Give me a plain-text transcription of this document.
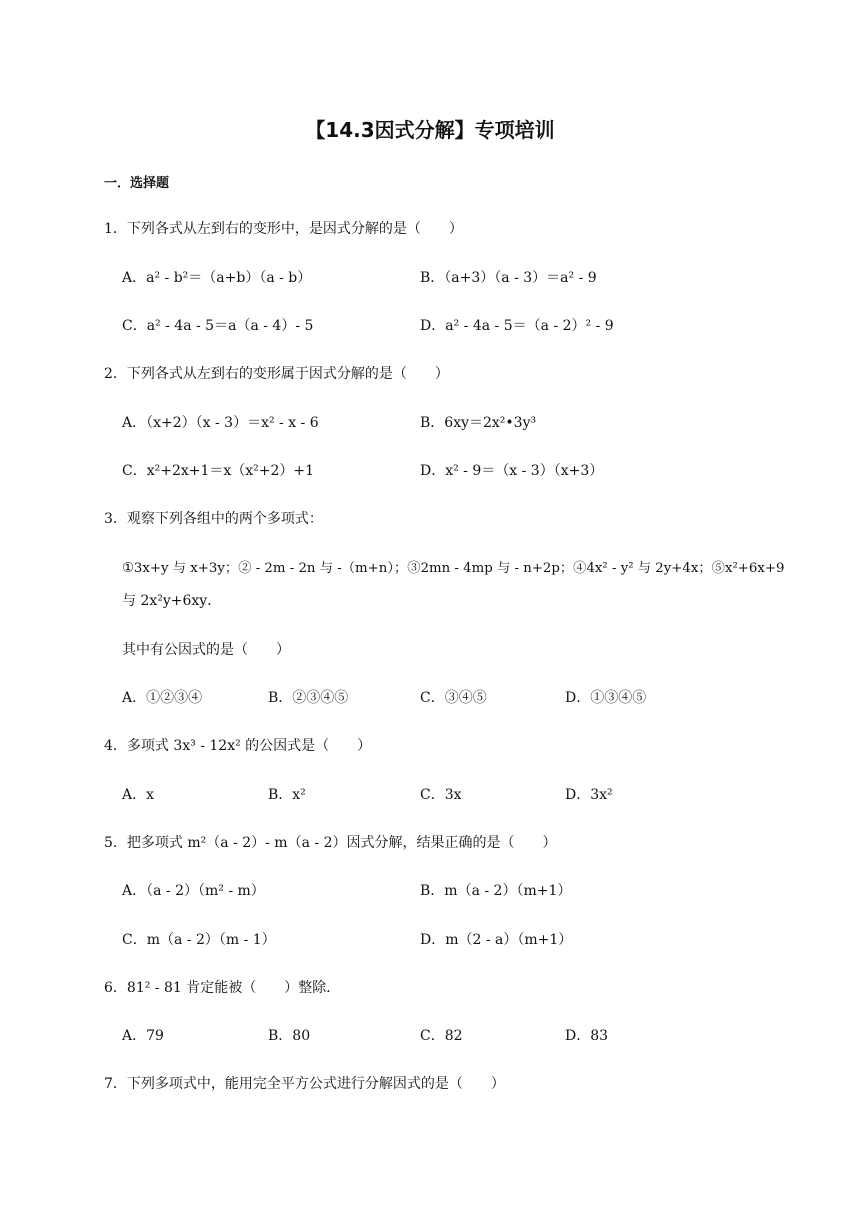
【14.3因式分解】专项培训
一．选择题
1．下列各式从左到右的变形中，是因式分解的是（　　）
A．a² - b²＝（a+b）（a - b）	B．（a+3）（a - 3）＝a² - 9
C．a² - 4a - 5＝a（a - 4）- 5	D．a² - 4a - 5＝（a - 2）² - 9
2．下列各式从左到右的变形属于因式分解的是（　　）
A．（x+2）（x - 3）＝x² - x - 6	B．6xy＝2x²•3y³
C．x²+2x+1＝x（x²+2）+1	D．x² - 9＝（x - 3）（x+3）
3．观察下列各组中的两个多项式：
①3x+y 与 x+3y；② - 2m - 2n 与 -（m+n）；③2mn - 4mp 与 - n+2p；④4x² - y² 与 2y+4x；⑤x²+6x+9
与 2x²y+6xy．
其中有公因式的是（　　）
A．①②③④	B．②③④⑤	C．③④⑤	D．①③④⑤
4．多项式 3x³ - 12x² 的公因式是（　　）
A．x	B．x²	C．3x	D．3x²
5．把多项式 m²（a - 2）- m（a - 2）因式分解，结果正确的是（　　）
A．（a - 2）（m² - m）	B．m（a - 2）（m+1）
C．m（a - 2）（m - 1）	D．m（2 - a）（m+1）
6．81² - 81 肯定能被（　　）整除．
A．79	B．80	C．82	D．83
7．下列多项式中，能用完全平方公式进行分解因式的是（　　）
